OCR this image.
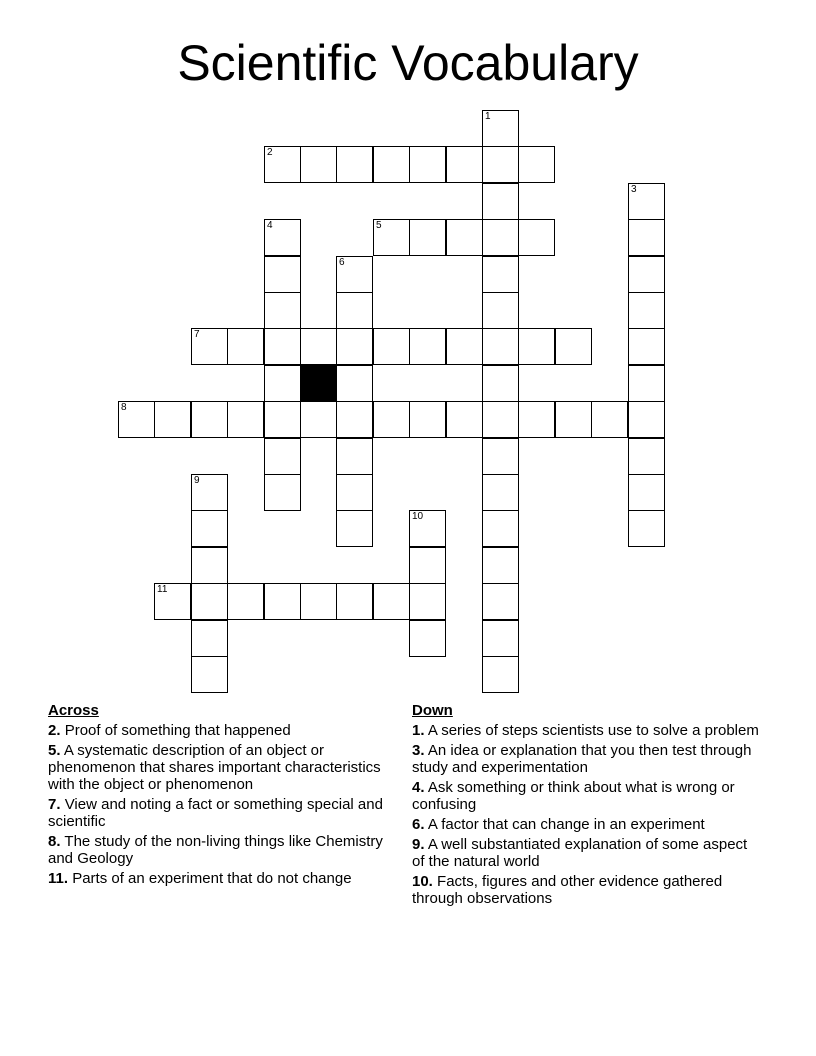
Scientific Vocabulary
1
2
3
4	5
6
7
8
9
10
11
Across
2. Proof of something that happened
5. A systematic description of an object or phenomenon that shares important characteristics with the object or phenomenon
7. View and noting a fact or something special and scientific
8. The study of the non-living things like Chemistry and Geology
11. Parts of an experiment that do not change
Down
1. A series of steps scientists use to solve a problem
3. An idea or explanation that you then test through study and experimentation
4. Ask something or think about what is wrong or confusing
6. A factor that can change in an experiment
9. A well substantiated explanation of some aspect of the natural world
10. Facts, figures and other evidence gathered through observations
